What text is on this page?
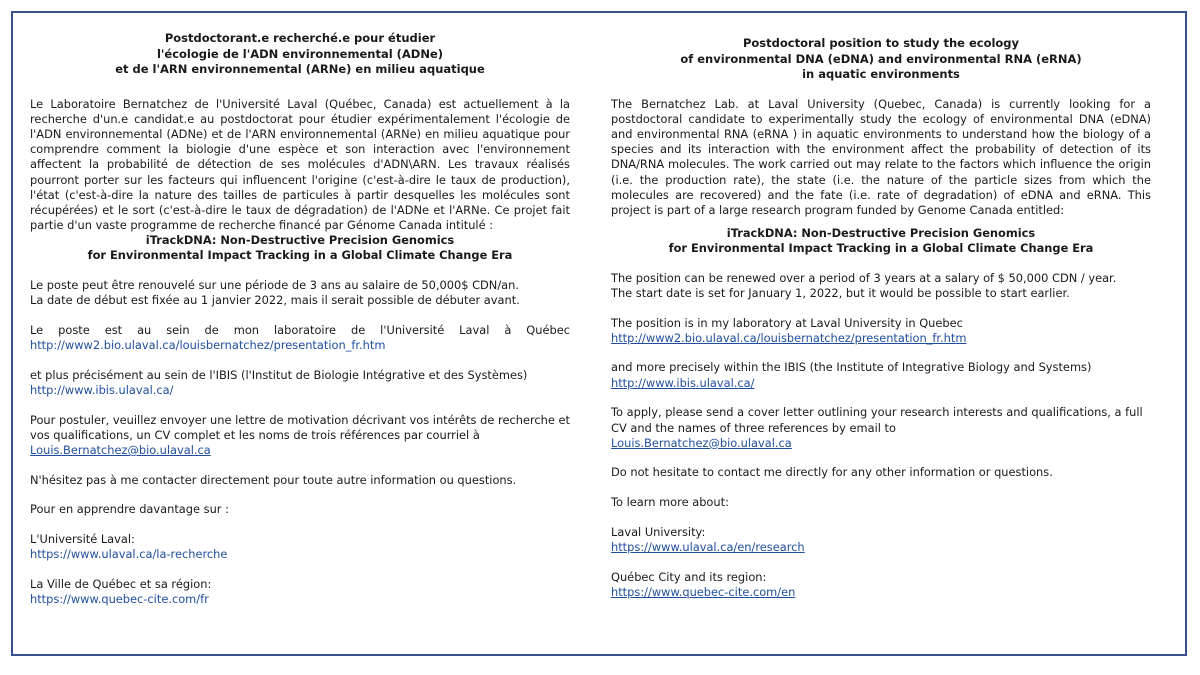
Postdoctorant.e recherché.e pour étudier
l'écologie de l'ADN environnemental (ADNe)
et de l'ARN environnemental (ARNe) en milieu aquatique

Le Laboratoire Bernatchez de l'Université Laval (Québec, Canada) est actuellement à la recherche d'un.e candidat.e au postdoctorat pour étudier expérimentalement l'écologie de l'ADN environnemental (ADNe) et de l'ARN environnemental (ARNe) en milieu aquatique pour comprendre comment la biologie d'une espèce et son interaction avec l'environnement affectent la probabilité de détection de ses molécules d'ADN\ARN. Les travaux réalisés pourront porter sur les facteurs qui influencent l'origine (c'est-à-dire le taux de production), l'état (c'est-à-dire la nature des tailles de particules à partir desquelles les molécules sont récupérées) et le sort (c'est-à-dire le taux de dégradation) de l'ADNe et l'ARNe. Ce projet fait partie d'un vaste programme de recherche financé par Génome Canada intitulé :

iTrackDNA: Non-Destructive Precision Genomics
for Environmental Impact Tracking in a Global Climate Change Era

Le poste peut être renouvelé sur une période de 3 ans au salaire de 50,000$ CDN/an.
La date de début est fixée au 1 janvier 2022, mais il serait possible de débuter avant.

Le poste est au sein de mon laboratoire de l'Université Laval à Québec
http://www2.bio.ulaval.ca/louisbernatchez/presentation_fr.htm

et plus précisément au sein de l'IBIS (l'Institut de Biologie Intégrative et des Systèmes)
http://www.ibis.ulaval.ca/

Pour postuler, veuillez envoyer une lettre de motivation décrivant vos intérêts de recherche et vos qualifications, un CV complet et les noms de trois références par courriel à
Louis.Bernatchez@bio.ulaval.ca

N'hésitez pas à me contacter directement pour toute autre information ou questions.

Pour en apprendre davantage sur :

L'Université Laval:
https://www.ulaval.ca/la-recherche

La Ville de Québec et sa région:
https://www.quebec-cite.com/fr

Postdoctoral position to study the ecology
of environmental DNA (eDNA) and environmental RNA (eRNA)
in aquatic environments

The Bernatchez Lab. at Laval University (Quebec, Canada) is currently looking for a postdoctoral candidate to experimentally study the ecology of environmental DNA (eDNA) and environmental RNA (eRNA ) in aquatic environments to understand how the biology of a species and its interaction with the environment affect the probability of detection of its DNA/RNA molecules. The work carried out may relate to the factors which influence the origin (i.e. the production rate), the state (i.e. the nature of the particle sizes from which the molecules are recovered) and the fate (i.e. rate of degradation) of eDNA and eRNA. This project is part of a large research program funded by Genome Canada entitled:

iTrackDNA: Non-Destructive Precision Genomics
for Environmental Impact Tracking in a Global Climate Change Era

The position can be renewed over a period of 3 years at a salary of $ 50,000 CDN / year.
The start date is set for January 1, 2022, but it would be possible to start earlier.

The position is in my laboratory at Laval University in Quebec
http://www2.bio.ulaval.ca/louisbernatchez/presentation_fr.htm

and more precisely within the IBIS (the Institute of Integrative Biology and Systems)
http://www.ibis.ulaval.ca/

To apply, please send a cover letter outlining your research interests and qualifications, a full CV and the names of three references by email to
Louis.Bernatchez@bio.ulaval.ca

Do not hesitate to contact me directly for any other information or questions.

To learn more about:

Laval University:
https://www.ulaval.ca/en/research

Québec City and its region:
https://www.quebec-cite.com/en
